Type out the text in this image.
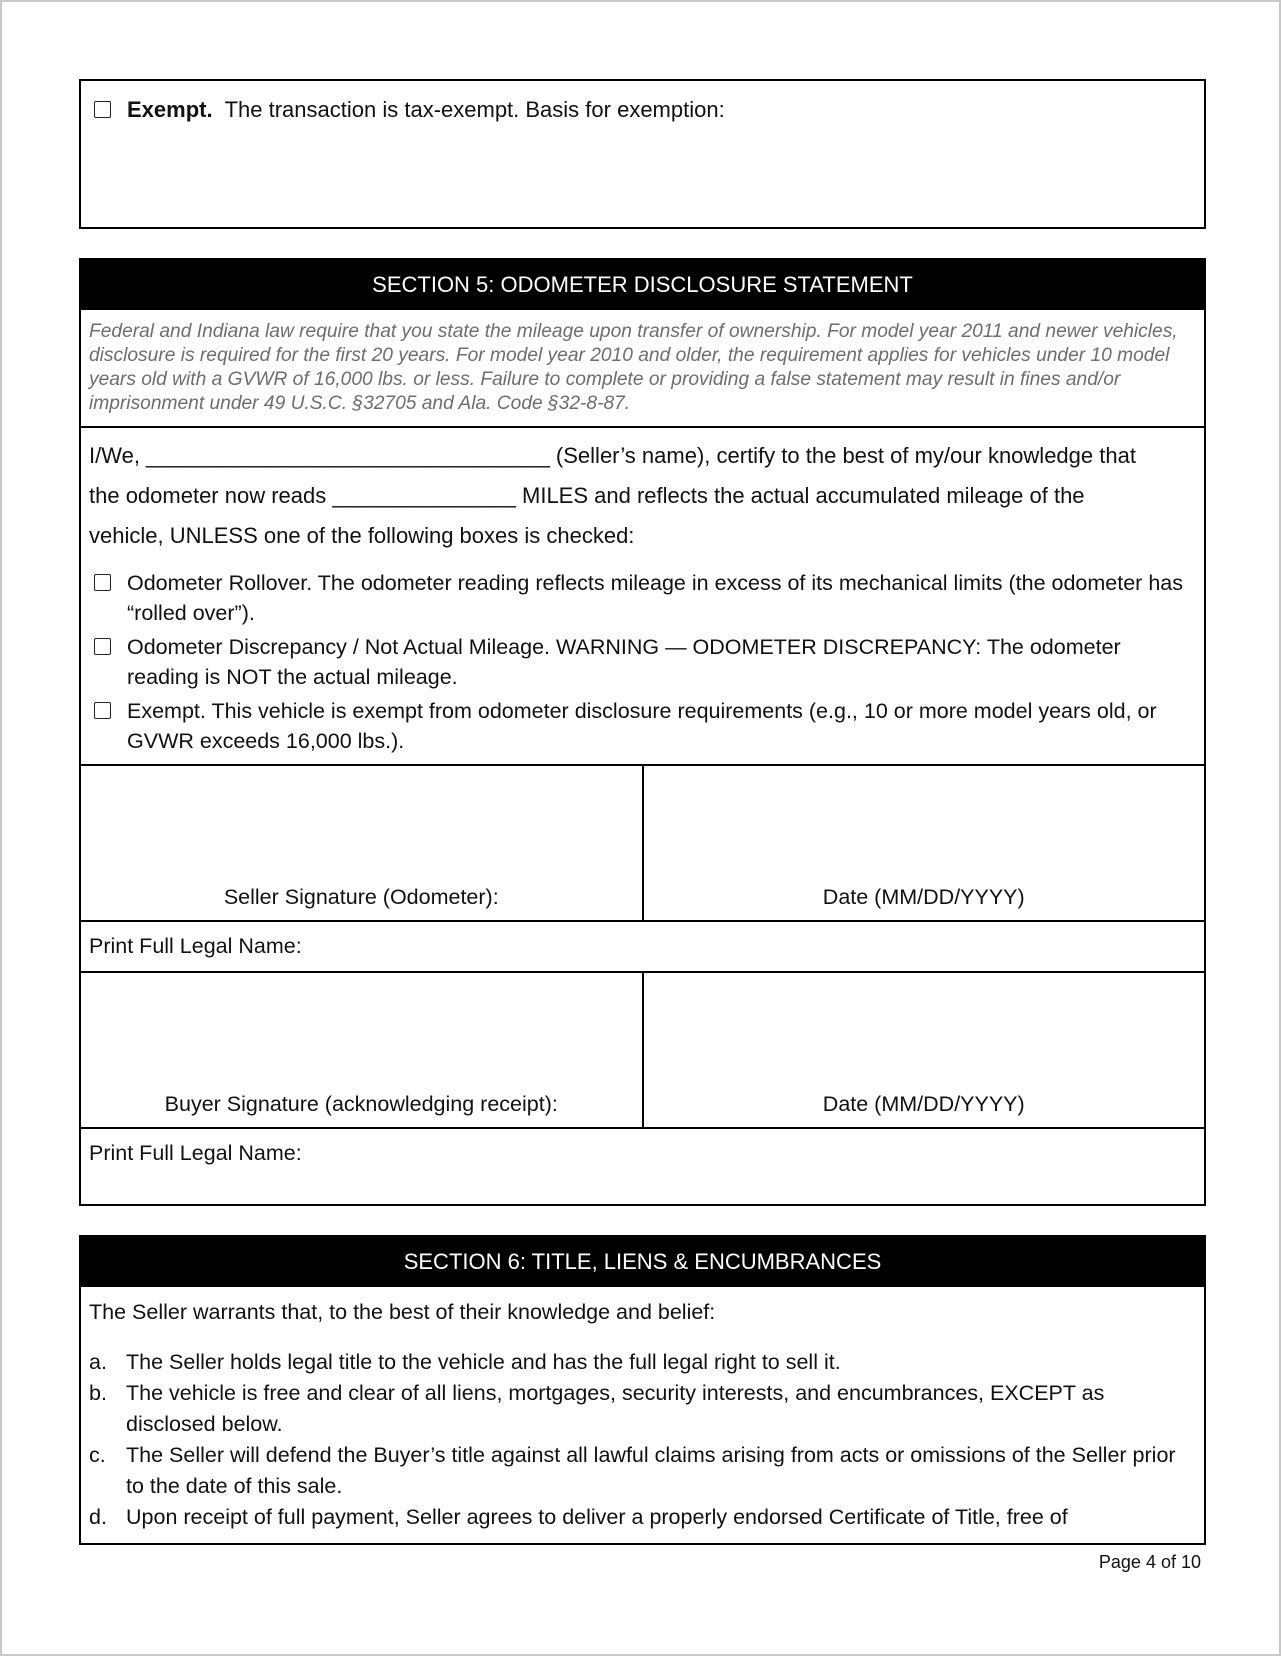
Exempt. The transaction is tax-exempt. Basis for exemption:
SECTION 5: ODOMETER DISCLOSURE STATEMENT
Federal and Indiana law require that you state the mileage upon transfer of ownership. For model year 2011 and newer vehicles, disclosure is required for the first 20 years. For model year 2010 and older, the requirement applies for vehicles under 10 model years old with a GVWR of 16,000 lbs. or less. Failure to complete or providing a false statement may result in fines and/or imprisonment under 49 U.S.C. §32705 and Ala. Code §32-8-87.
I/We, _________________________________ (Seller’s name), certify to the best of my/our knowledge that
the odometer now reads _______________ MILES and reflects the actual accumulated mileage of the
vehicle, UNLESS one of the following boxes is checked:
Odometer Rollover. The odometer reading reflects mileage in excess of its mechanical limits (the odometer has “rolled over”).
Odometer Discrepancy / Not Actual Mileage. WARNING — ODOMETER DISCREPANCY: The odometer reading is NOT the actual mileage.
Exempt. This vehicle is exempt from odometer disclosure requirements (e.g., 10 or more model years old, or GVWR exceeds 16,000 lbs.).
Seller Signature (Odometer):	Date (MM/DD/YYYY)
Print Full Legal Name:
Buyer Signature (acknowledging receipt):	Date (MM/DD/YYYY)
Print Full Legal Name:
SECTION 6: TITLE, LIENS & ENCUMBRANCES
The Seller warrants that, to the best of their knowledge and belief:
a. The Seller holds legal title to the vehicle and has the full legal right to sell it.
b. The vehicle is free and clear of all liens, mortgages, security interests, and encumbrances, EXCEPT as disclosed below.
c. The Seller will defend the Buyer’s title against all lawful claims arising from acts or omissions of the Seller prior to the date of this sale.
d. Upon receipt of full payment, Seller agrees to deliver a properly endorsed Certificate of Title, free of
Page 4 of 10
